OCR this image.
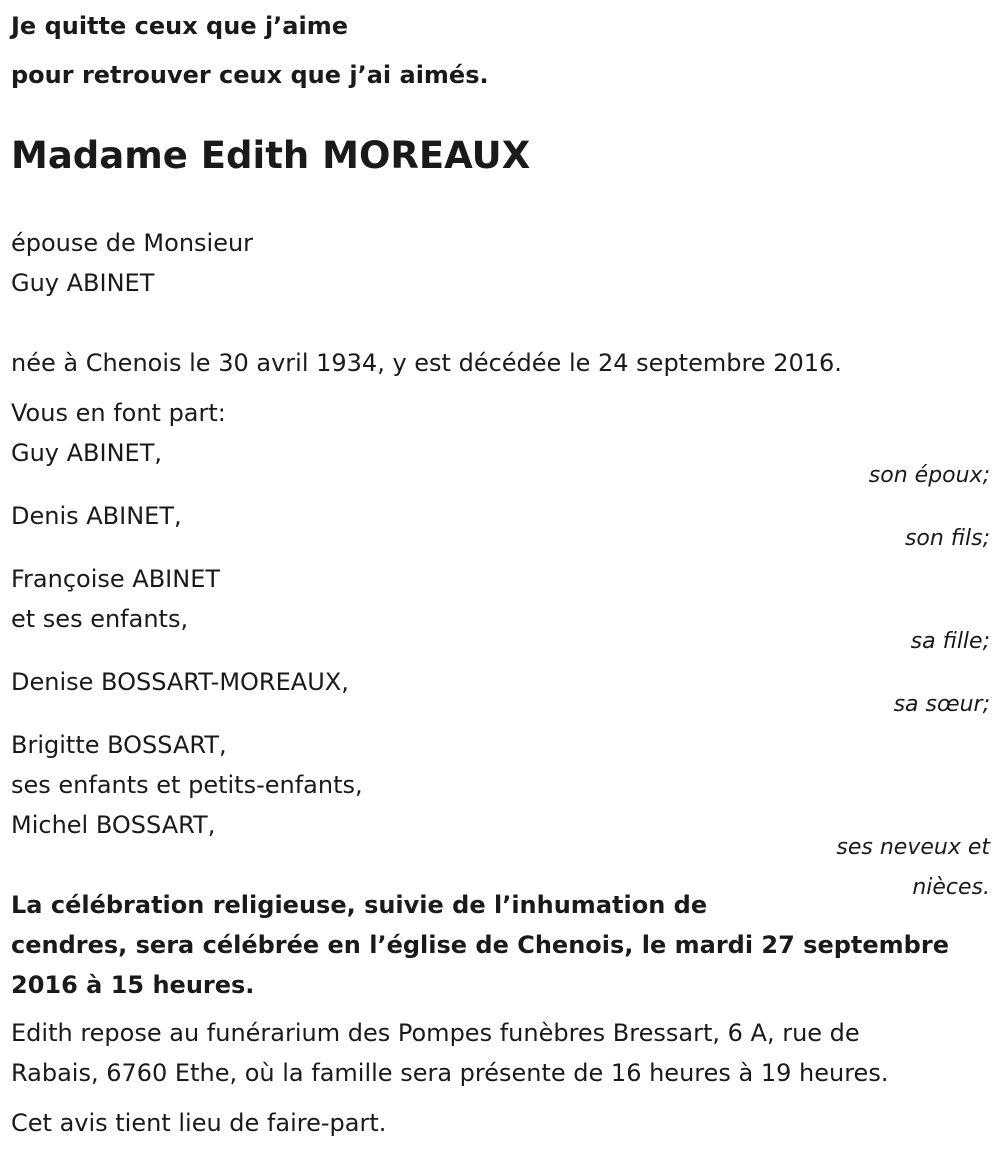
Je quitte ceux que j’aime

pour retrouver ceux que j’ai aimés.

Madame Edith MOREAUX
épouse de Monsieur
Guy ABINET
née à Chenois le 30 avril 1934, y est décédée le 24 septembre 2016.
Vous en font part:
Guy ABINET,
son époux;
Denis ABINET,
son fils;
Françoise ABINET
et ses enfants,
sa fille;
Denise BOSSART-MOREAUX,
sa sœur;
Brigitte BOSSART,
ses enfants et petits-enfants,
Michel BOSSART,
ses neveux et
nièces.
La célébration religieuse, suivie de l’inhumation de
cendres, sera célébrée en l’église de Chenois, le mardi 27 septembre
2016 à 15 heures.
Edith repose au funérarium des Pompes funèbres Bressart, 6 A, rue de
Rabais, 6760 Ethe, où la famille sera présente de 16 heures à 19 heures.
Cet avis tient lieu de faire-part.
